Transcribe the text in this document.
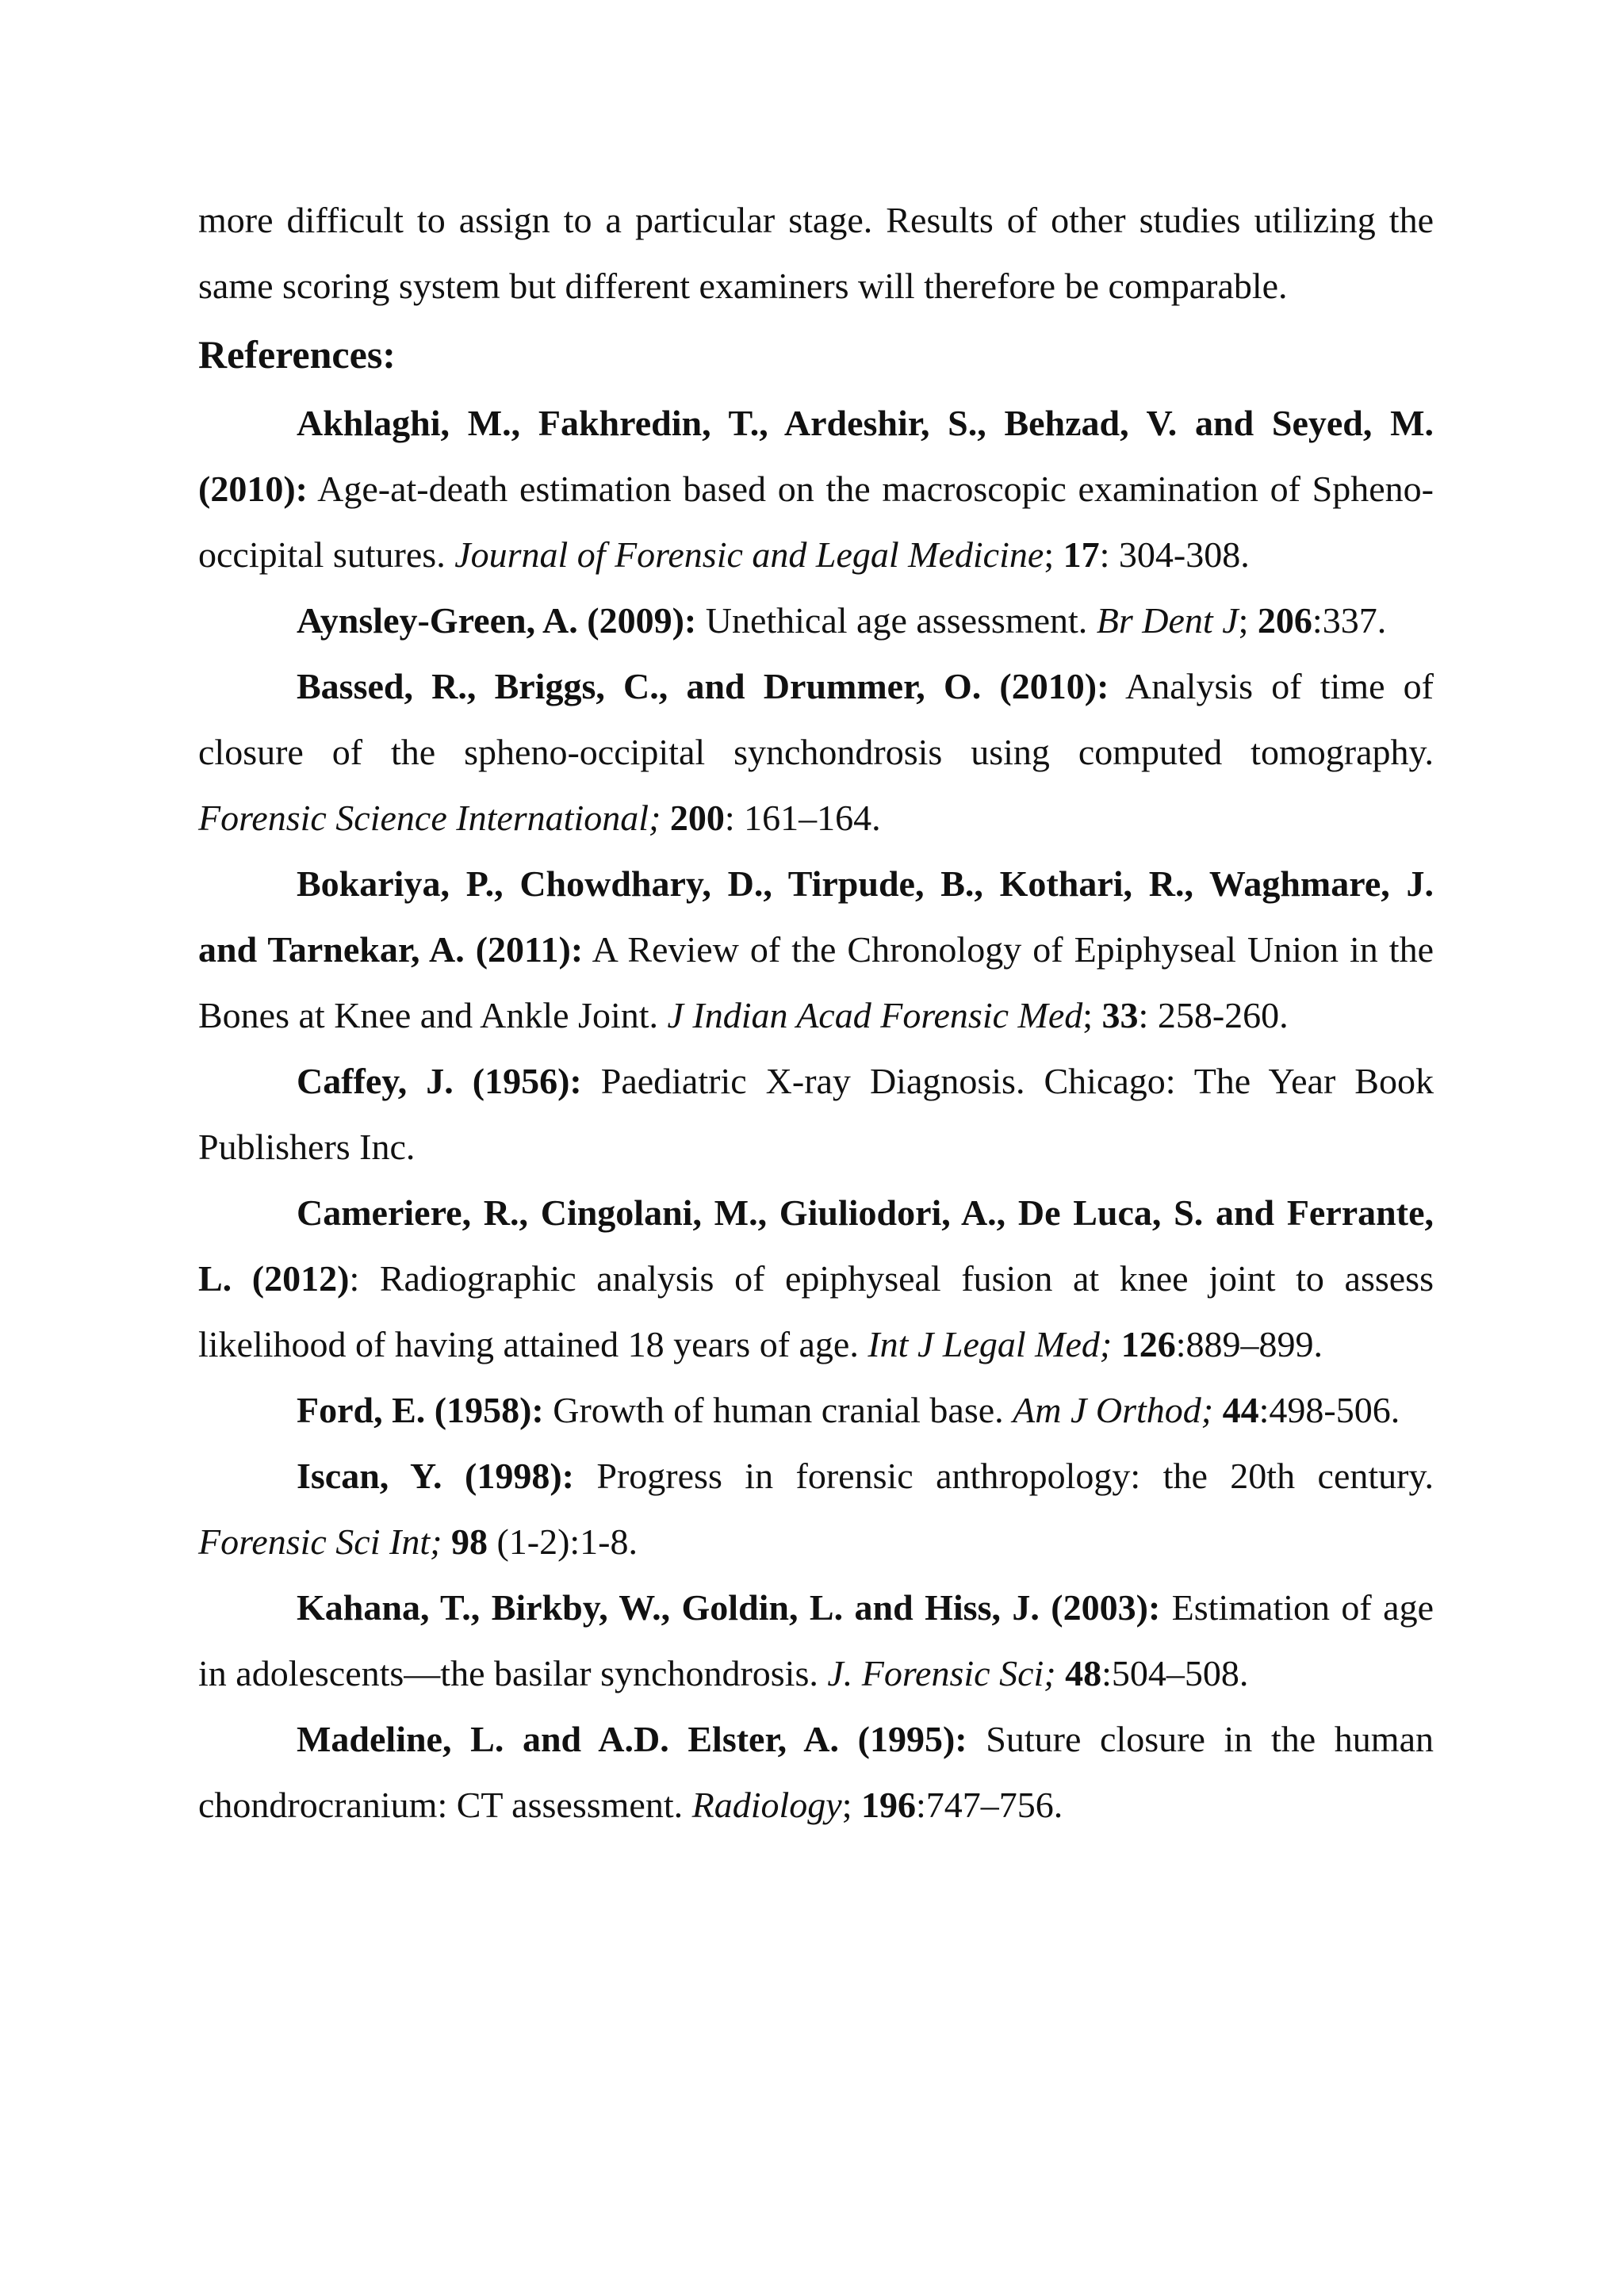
more difficult to assign to a particular stage. Results of other studies utilizing the same scoring system but different examiners will therefore be comparable.

References:

Akhlaghi, M., Fakhredin, T., Ardeshir, S., Behzad, V. and Seyed, M. (2010): Age-at-death estimation based on the macroscopic examination of Spheno-occipital sutures. Journal of Forensic and Legal Medicine; 17: 304-308.

Aynsley-Green, A. (2009): Unethical age assessment. Br Dent J; 206:337.

Bassed, R., Briggs, C., and Drummer, O. (2010): Analysis of time of closure of the spheno-occipital synchondrosis using computed tomography. Forensic Science International; 200: 161–164.

Bokariya, P., Chowdhary, D., Tirpude, B., Kothari, R., Waghmare, J. and Tarnekar, A. (2011): A Review of the Chronology of Epiphyseal Union in the Bones at Knee and Ankle Joint. J Indian Acad Forensic Med; 33: 258-260.

Caffey, J. (1956): Paediatric X-ray Diagnosis. Chicago: The Year Book Publishers Inc.

Cameriere, R., Cingolani, M., Giuliodori, A., De Luca, S. and Ferrante, L. (2012): Radiographic analysis of epiphyseal fusion at knee joint to assess likelihood of having attained 18 years of age. Int J Legal Med; 126:889–899.

Ford, E. (1958): Growth of human cranial base. Am J Orthod; 44:498-506.

Iscan, Y. (1998): Progress in forensic anthropology: the 20th century. Forensic Sci Int; 98 (1-2):1-8.

Kahana, T., Birkby, W., Goldin, L. and Hiss, J. (2003): Estimation of age in adolescents—the basilar synchondrosis. J. Forensic Sci; 48:504–508.

Madeline, L. and A.D. Elster, A. (1995): Suture closure in the human chondrocranium: CT assessment. Radiology; 196:747–756.
